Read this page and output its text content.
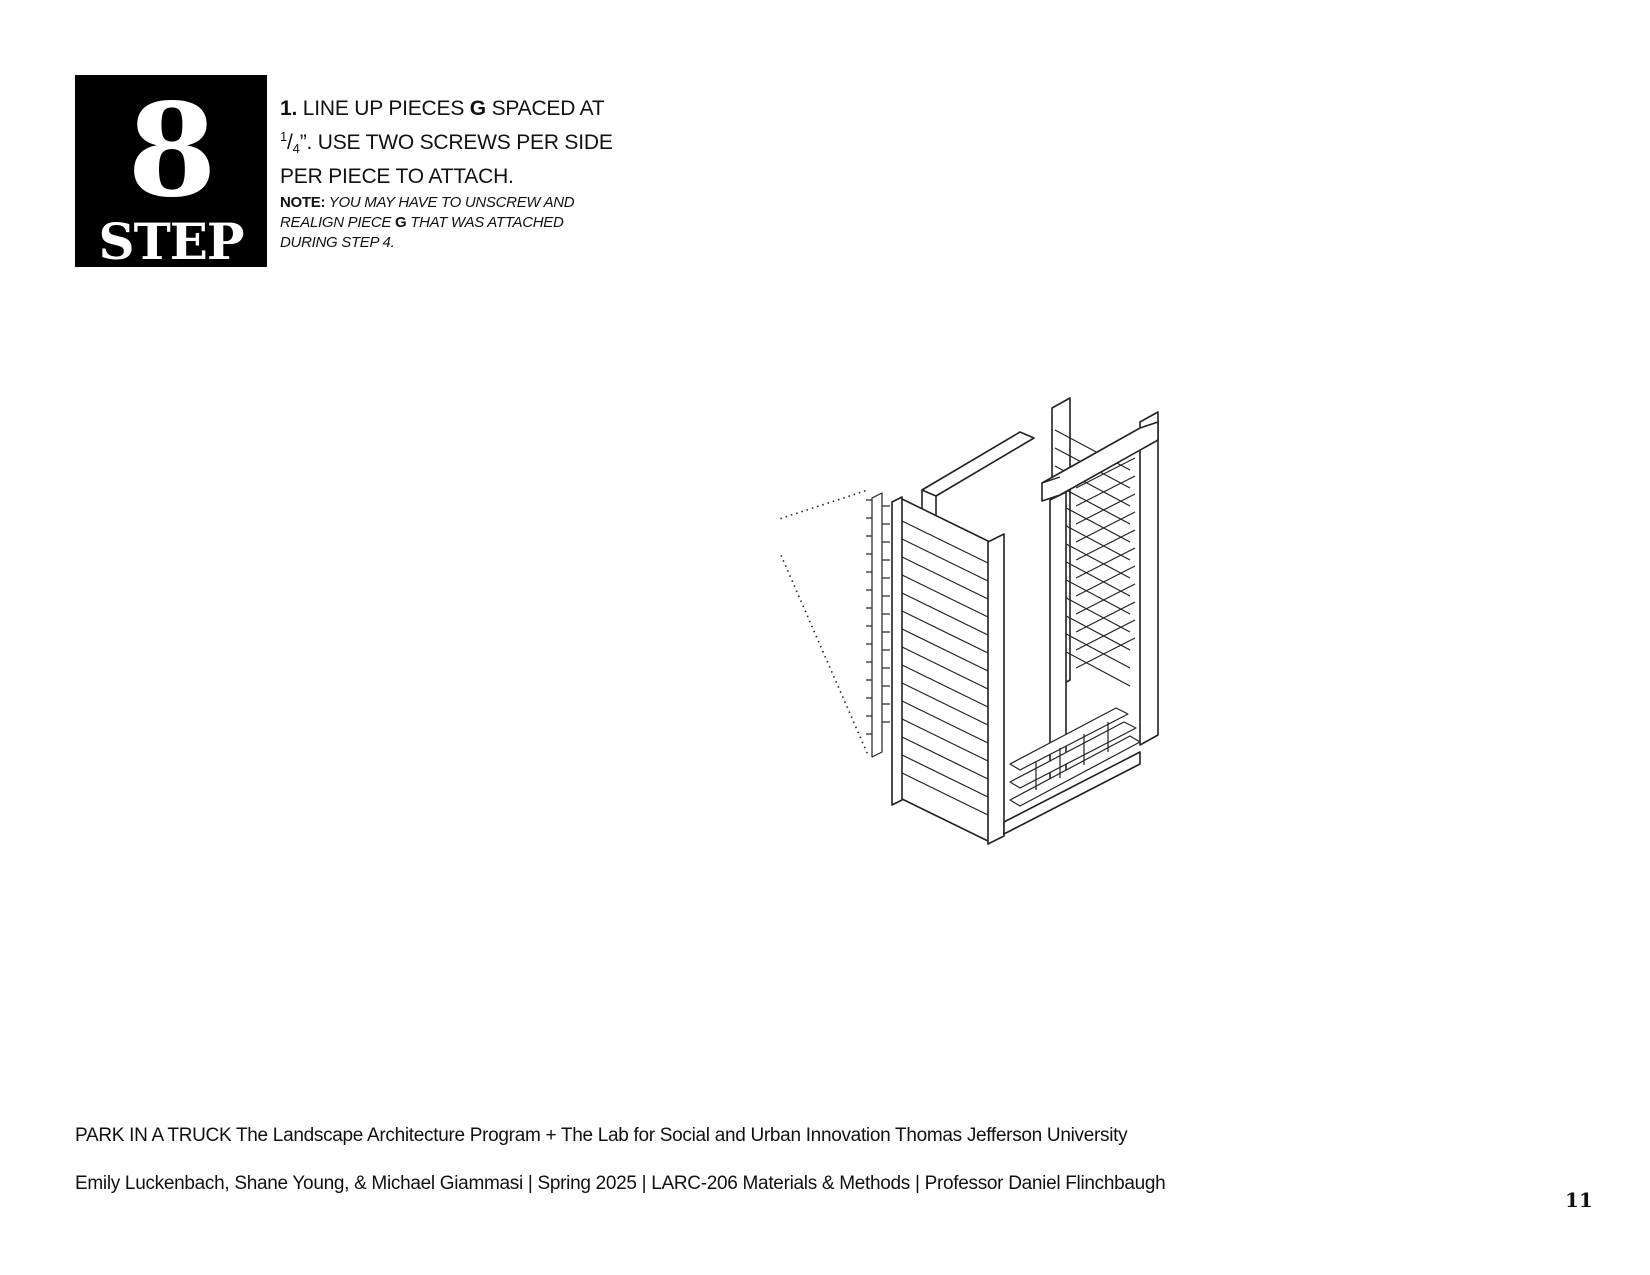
8
STEP
1. LINE UP PIECES G SPACED AT
$^1/_4$”. USE TWO SCREWS PER SIDE PER PIECE TO ATTACH.
NOTE: YOU MAY HAVE TO UNSCREW AND REALIGN PIECE G THAT WAS ATTACHED DURING STEP 4.
G
PARK IN A TRUCK The Landscape Architecture Program + The Lab for Social and Urban Innovation Thomas Jefferson University
Emily Luckenbach, Shane Young, & Michael Giammasi | Spring 2025 | LARC-206 Materials & Methods | Professor Daniel Flinchbaugh
11
